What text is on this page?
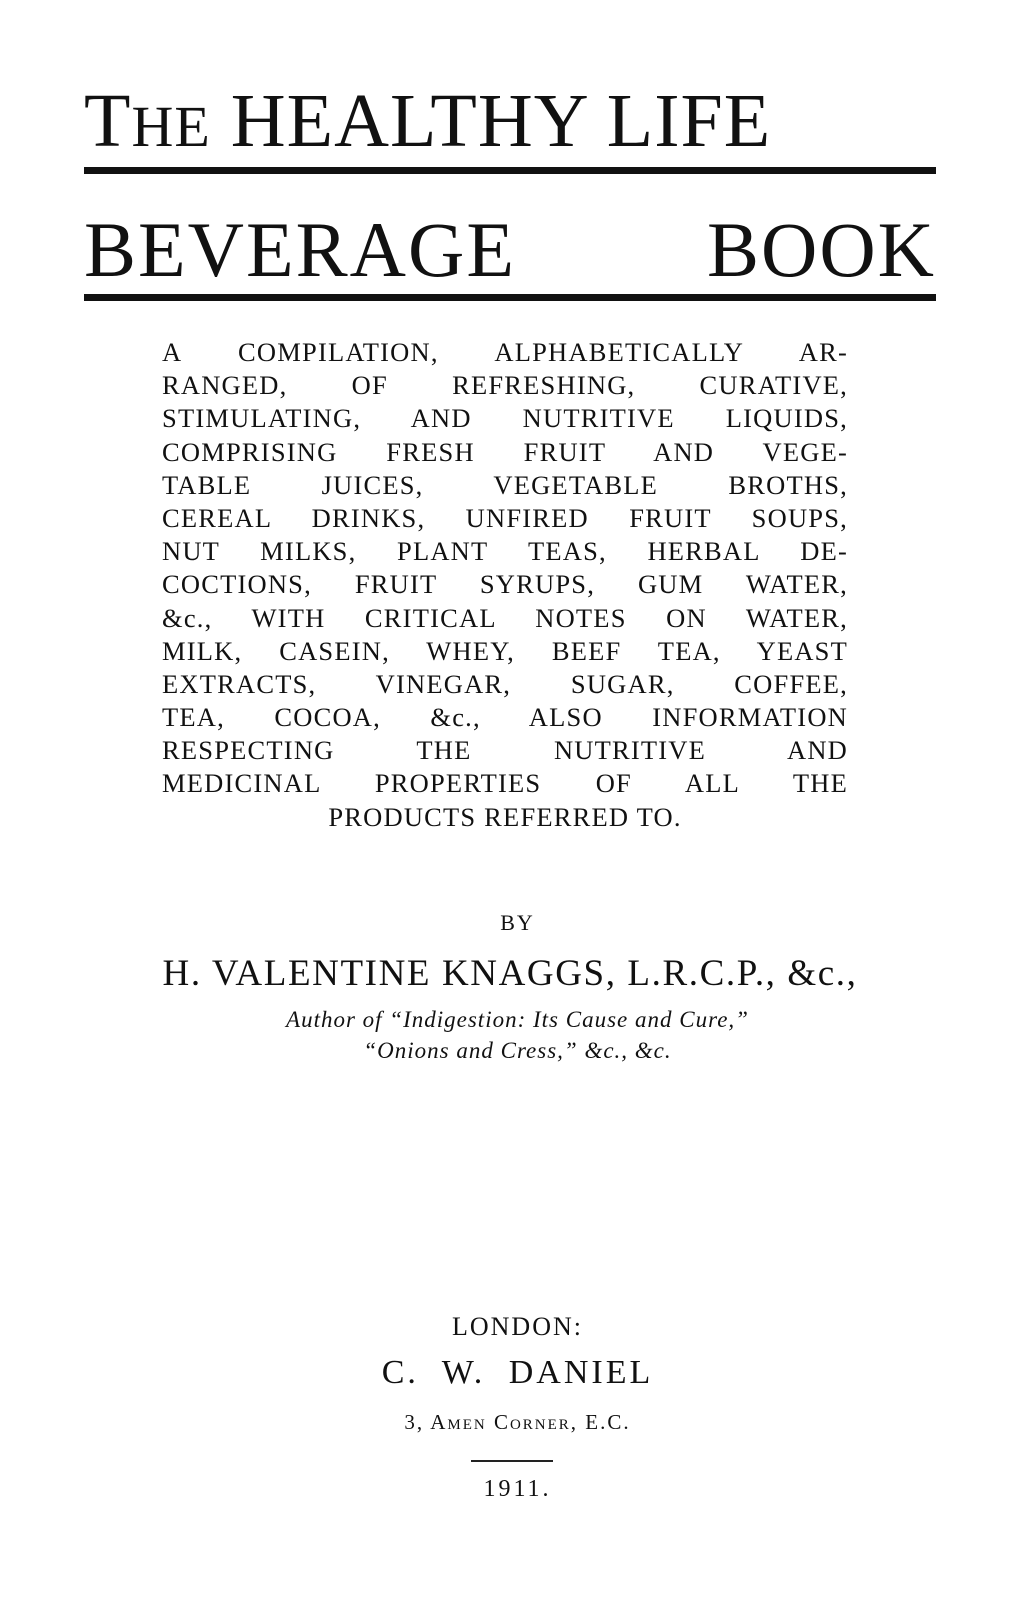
THE HEALTHY LIFE
BEVERAGE BOOK
A COMPILATION, ALPHABETICALLY AR-
RANGED, OF REFRESHING, CURATIVE,
STIMULATING, AND NUTRITIVE LIQUIDS,
COMPRISING FRESH FRUIT AND VEGE-
TABLE JUICES, VEGETABLE BROTHS,
CEREAL DRINKS, UNFIRED FRUIT SOUPS,
NUT MILKS, PLANT TEAS, HERBAL DE-
COCTIONS, FRUIT SYRUPS, GUM WATER,
&c., WITH CRITICAL NOTES ON WATER,
MILK, CASEIN, WHEY, BEEF TEA, YEAST
EXTRACTS, VINEGAR, SUGAR, COFFEE,
TEA, COCOA, &c., ALSO INFORMATION
RESPECTING THE NUTRITIVE AND
MEDICINAL PROPERTIES OF ALL THE
PRODUCTS REFERRED TO.
BY
H. VALENTINE KNAGGS, L.R.C.P., &c.,
Author of “Indigestion: Its Cause and Cure,”
“Onions and Cress,” &c., &c.
LONDON:
C. W. DANIEL
3, Amen Corner, E.C.
1911.
